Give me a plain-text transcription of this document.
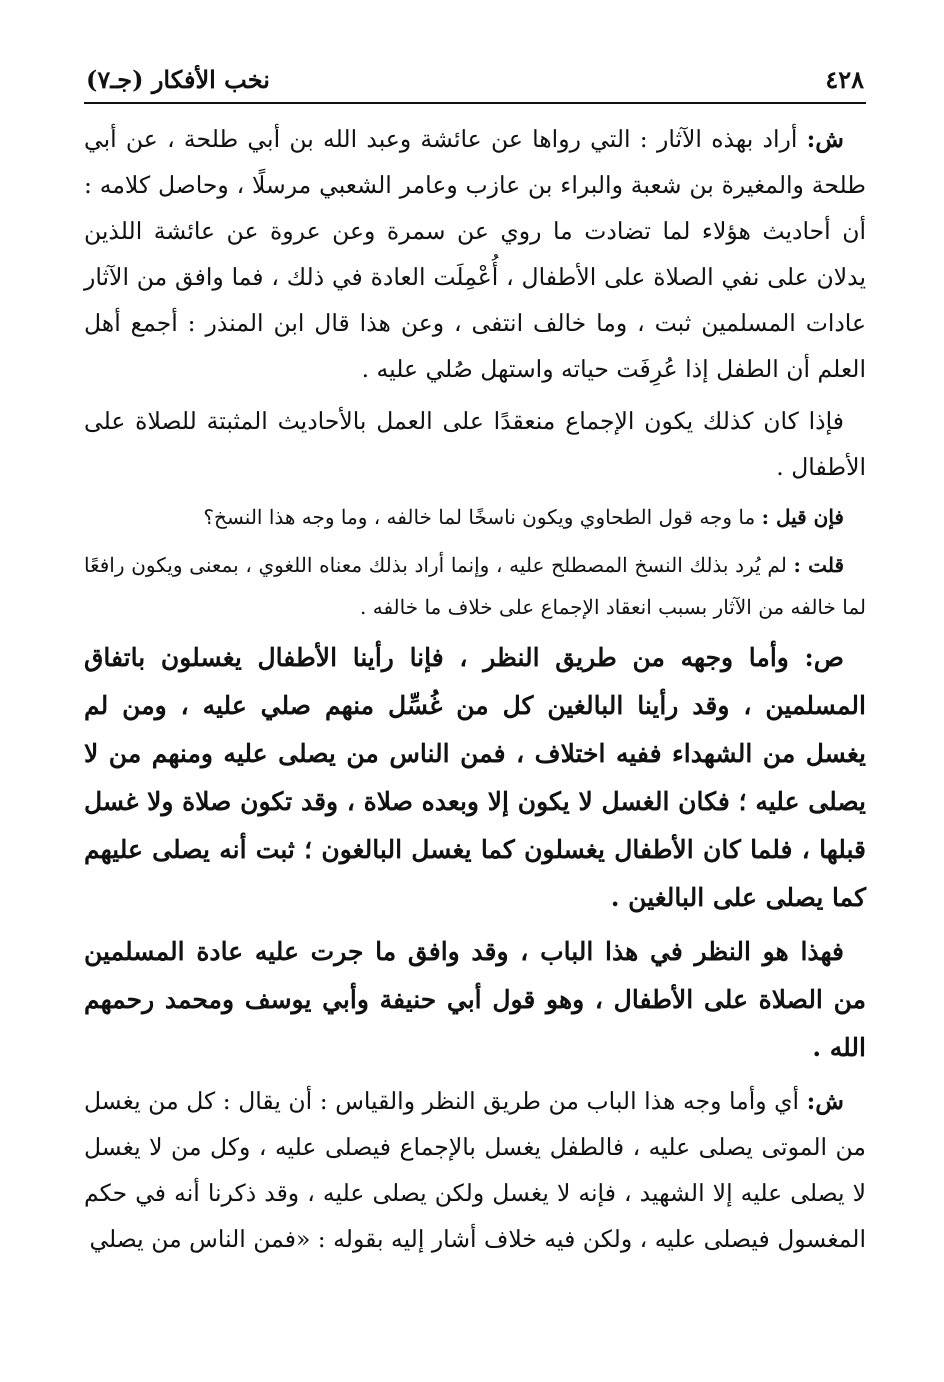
٤٢٨
نخب الأفكار (جـ٧)

ش: أراد بهذه الآثار : التي رواها عن عائشة وعبد الله بن أبي طلحة ، عن أبي طلحة والمغيرة بن شعبة والبراء بن عازب وعامر الشعبي مرسلًا ، وحاصل كلامه : أن أحاديث هؤلاء لما تضادت ما روي عن سمرة وعن عروة عن عائشة اللذين يدلان على نفي الصلاة على الأطفال ، أُعْمِلَت العادة في ذلك ، فما وافق من الآثار عادات المسلمين ثبت ، وما خالف انتفى ، وعن هذا قال ابن المنذر : أجمع أهل العلم أن الطفل إذا عُرِفَت حياته واستهل صُلي عليه .

فإذا كان كذلك يكون الإجماع منعقدًا على العمل بالأحاديث المثبتة للصلاة على الأطفال .

فإن قيل : ما وجه قول الطحاوي ويكون ناسخًا لما خالفه ، وما وجه هذا النسخ؟

قلت : لم يُرد بذلك النسخ المصطلح عليه ، وإنما أراد بذلك معناه اللغوي ، بمعنى ويكون رافعًا لما خالفه من الآثار بسبب انعقاد الإجماع على خلاف ما خالفه .

ص: وأما وجهه من طريق النظر ، فإنا رأينا الأطفال يغسلون باتفاق المسلمين ، وقد رأينا البالغين كل من غُسِّل منهم صلي عليه ، ومن لم يغسل من الشهداء ففيه اختلاف ، فمن الناس من يصلى عليه ومنهم من لا يصلى عليه ؛ فكان الغسل لا يكون إلا وبعده صلاة ، وقد تكون صلاة ولا غسل قبلها ، فلما كان الأطفال يغسلون كما يغسل البالغون ؛ ثبت أنه يصلى عليهم كما يصلى على البالغين .

فهذا هو النظر في هذا الباب ، وقد وافق ما جرت عليه عادة المسلمين من الصلاة على الأطفال ، وهو قول أبي حنيفة وأبي يوسف ومحمد رحمهم الله .

ش: أي وأما وجه هذا الباب من طريق النظر والقياس : أن يقال : كل من يغسل من الموتى يصلى عليه ، فالطفل يغسل بالإجماع فيصلى عليه ، وكل من لا يغسل لا يصلى عليه إلا الشهيد ، فإنه لا يغسل ولكن يصلى عليه ، وقد ذكرنا أنه في حكم المغسول فيصلى عليه ، ولكن فيه خلاف أشار إليه بقوله : «فمن الناس من يصلي
